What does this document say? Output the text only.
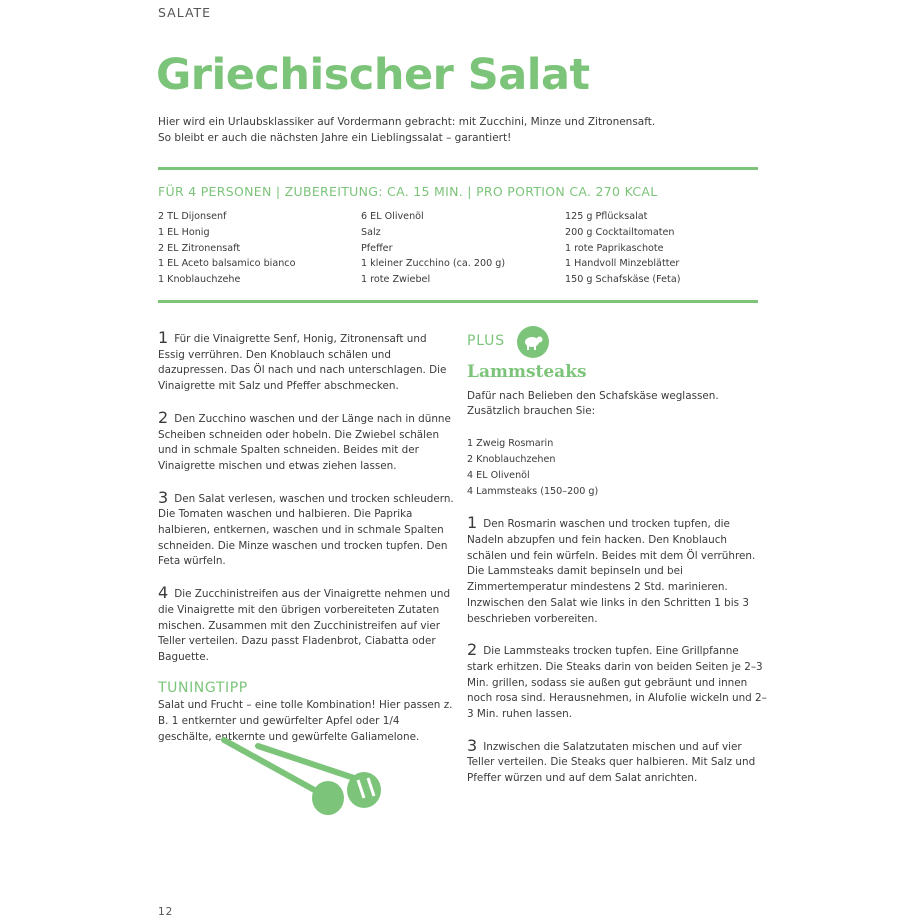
SALATE
Griechischer Salat
Hier wird ein Urlaubsklassiker auf Vordermann gebracht: mit Zucchini, Minze und Zitronensaft.
So bleibt er auch die nächsten Jahre ein Lieblingssalat – garantiert!
FÜR 4 PERSONEN | ZUBEREITUNG: CA. 15 MIN. | PRO PORTION CA. 270 KCAL
2 TL Dijonsenf
1 EL Honig
2 EL Zitronensaft
1 EL Aceto balsamico bianco
1 Knoblauchzehe
6 EL Olivenöl
Salz
Pfeffer
1 kleiner Zucchino (ca. 200 g)
1 rote Zwiebel
125 g Pflücksalat
200 g Cocktailtomaten
1 rote Paprikaschote
1 Handvoll Minzeblätter
150 g Schafskäse (Feta)
1 Für die Vinaigrette Senf, Honig, Zitronensaft und Essig verrühren. Den Knoblauch schälen und dazupressen. Das Öl nach und nach unterschlagen. Die Vinaigrette mit Salz und Pfeffer abschmecken.
2 Den Zucchino waschen und der Länge nach in dünne Scheiben schneiden oder hobeln. Die Zwiebel schälen und in schmale Spalten schneiden. Beides mit der Vinaigrette mischen und etwas ziehen lassen.
3 Den Salat verlesen, waschen und trocken schleudern. Die Tomaten waschen und halbieren. Die Paprika halbieren, entkernen, waschen und in schmale Spalten schneiden. Die Minze waschen und trocken tupfen. Den Feta würfeln.
4 Die Zucchinistreifen aus der Vinaigrette nehmen und die Vinaigrette mit den übrigen vorbereiteten Zutaten mischen. Zusammen mit den Zucchinistreifen auf vier Teller verteilen. Dazu passt Fladenbrot, Ciabatta oder Baguette.
TUNINGTIPP
Salat und Frucht – eine tolle Kombination! Hier passen z. B. 1 entkernter und gewürfelter Apfel oder 1/4 geschälte, entkernte und gewürfelte Galiamelone.
PLUS
Lammsteaks
Dafür nach Belieben den Schafskäse weglassen. Zusätzlich brauchen Sie:
1 Zweig Rosmarin
2 Knoblauchzehen
4 EL Olivenöl
4 Lammsteaks (150–200 g)
1 Den Rosmarin waschen und trocken tupfen, die Nadeln abzupfen und fein hacken. Den Knoblauch schälen und fein würfeln. Beides mit dem Öl verrühren. Die Lammsteaks damit bepinseln und bei Zimmertemperatur mindestens 2 Std. marinieren. Inzwischen den Salat wie links in den Schritten 1 bis 3 beschrieben vorbereiten.
2 Die Lammsteaks trocken tupfen. Eine Grillpfanne stark erhitzen. Die Steaks darin von beiden Seiten je 2–3 Min. grillen, sodass sie außen gut gebräunt und innen noch rosa sind. Herausnehmen, in Alufolie wickeln und 2–3 Min. ruhen lassen.
3 Inzwischen die Salatzutaten mischen und auf vier Teller verteilen. Die Steaks quer halbieren. Mit Salz und Pfeffer würzen und auf dem Salat anrichten.
12
